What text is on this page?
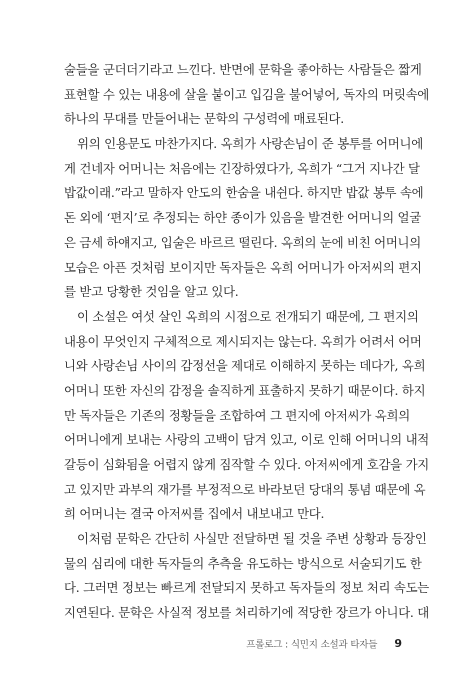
술들을 군더더기라고 느낀다. 반면에 문학을 좋아하는 사람들은 짧게
표현할 수 있는 내용에 살을 붙이고 입김을 불어넣어, 독자의 머릿속에
하나의 무대를 만들어내는 문학의 구성력에 매료된다.
위의 인용문도 마찬가지다. 옥희가 사랑손님이 준 봉투를 어머니에
게 건네자 어머니는 처음에는 긴장하였다가, 옥희가 “그거 지나간 달
밥값이래.”라고 말하자 안도의 한숨을 내쉰다. 하지만 밥값 봉투 속에
돈 외에 ‘편지’로 추정되는 하얀 종이가 있음을 발견한 어머니의 얼굴
은 금세 하얘지고, 입술은 바르르 떨린다. 옥희의 눈에 비친 어머니의
모습은 아픈 것처럼 보이지만 독자들은 옥희 어머니가 아저씨의 편지
를 받고 당황한 것임을 알고 있다.
이 소설은 여섯 살인 옥희의 시점으로 전개되기 때문에, 그 편지의
내용이 무엇인지 구체적으로 제시되지는 않는다. 옥희가 어려서 어머
니와 사랑손님 사이의 감정선을 제대로 이해하지 못하는 데다가, 옥희
어머니 또한 자신의 감정을 솔직하게 표출하지 못하기 때문이다. 하지
만 독자들은 기존의 정황들을 조합하여 그 편지에 아저씨가 옥희의
어머니에게 보내는 사랑의 고백이 담겨 있고, 이로 인해 어머니의 내적
갈등이 심화됨을 어렵지 않게 짐작할 수 있다. 아저씨에게 호감을 가지
고 있지만 과부의 재가를 부정적으로 바라보던 당대의 통념 때문에 옥
희 어머니는 결국 아저씨를 집에서 내보내고 만다.
이처럼 문학은 간단히 사실만 전달하면 될 것을 주변 상황과 등장인
물의 심리에 대한 독자들의 추측을 유도하는 방식으로 서술되기도 한
다. 그러면 정보는 빠르게 전달되지 못하고 독자들의 정보 처리 속도는
지연된다. 문학은 사실적 정보를 처리하기에 적당한 장르가 아니다. 대
프롤로그 : 식민지 소설과 타자들 9
